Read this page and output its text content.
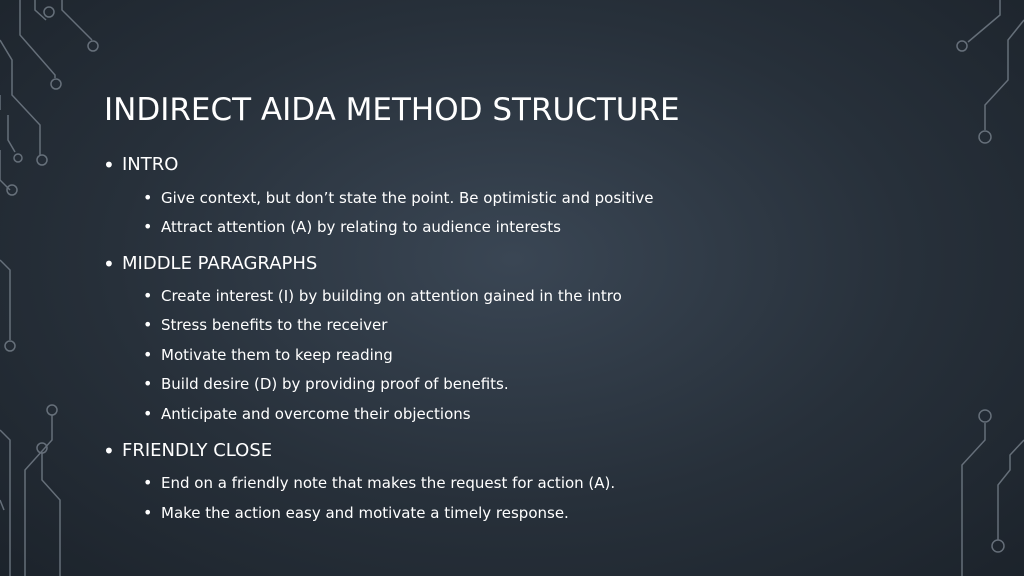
INDIRECT AIDA METHOD STRUCTURE
• INTRO
• Give context, but don’t state the point. Be optimistic and positive
• Attract attention (A) by relating to audience interests
• MIDDLE PARAGRAPHS
• Create interest (I) by building on attention gained in the intro
• Stress benefits to the receiver
• Motivate them to keep reading
• Build desire (D) by providing proof of benefits.
• Anticipate and overcome their objections
• FRIENDLY CLOSE
• End on a friendly note that makes the request for action (A).
• Make the action easy and motivate a timely response.
